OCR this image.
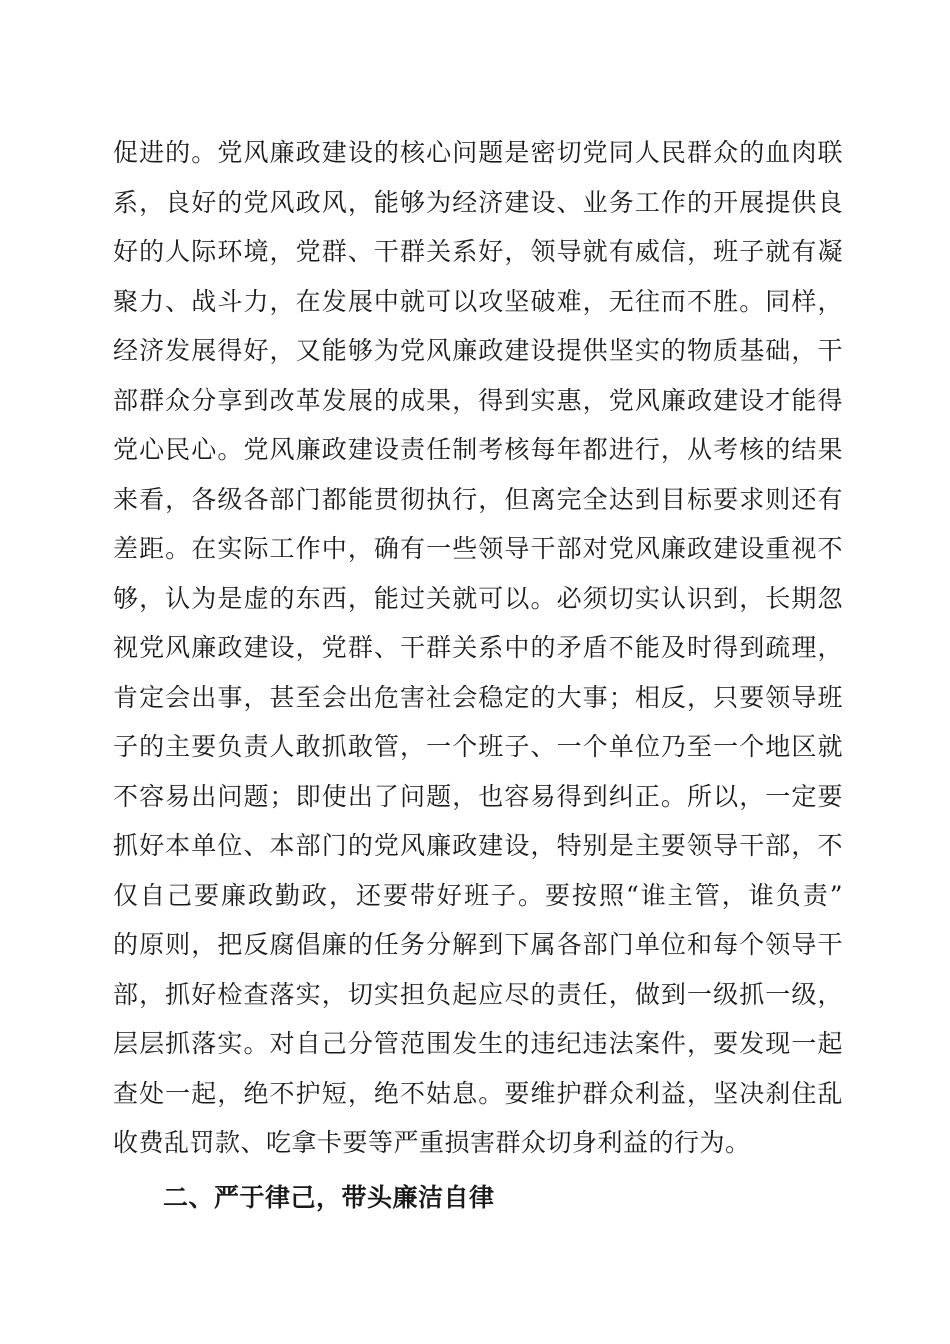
促进的。党风廉政建设的核心问题是密切党同人民群众的血肉联
系，良好的党风政风，能够为经济建设、业务工作的开展提供良
好的人际环境，党群、干群关系好，领导就有威信，班子就有凝
聚力、战斗力，在发展中就可以攻坚破难，无往而不胜。同样，
经济发展得好，又能够为党风廉政建设提供坚实的物质基础，干
部群众分享到改革发展的成果，得到实惠，党风廉政建设才能得
党心民心。党风廉政建设责任制考核每年都进行，从考核的结果
来看，各级各部门都能贯彻执行，但离完全达到目标要求则还有
差距。在实际工作中，确有一些领导干部对党风廉政建设重视不
够，认为是虚的东西，能过关就可以。必须切实认识到，长期忽
视党风廉政建设，党群、干群关系中的矛盾不能及时得到疏理，
肯定会出事，甚至会出危害社会稳定的大事；相反，只要领导班
子的主要负责人敢抓敢管，一个班子、一个单位乃至一个地区就
不容易出问题；即使出了问题，也容易得到纠正。所以，一定要
抓好本单位、本部门的党风廉政建设，特别是主要领导干部，不
仅自己要廉政勤政，还要带好班子。要按照“谁主管，谁负责”
的原则，把反腐倡廉的任务分解到下属各部门单位和每个领导干
部，抓好检查落实，切实担负起应尽的责任，做到一级抓一级，
层层抓落实。对自己分管范围发生的违纪违法案件，要发现一起
查处一起，绝不护短，绝不姑息。要维护群众利益，坚决刹住乱
收费乱罚款、吃拿卡要等严重损害群众切身利益的行为。
二、严于律己，带头廉洁自律
